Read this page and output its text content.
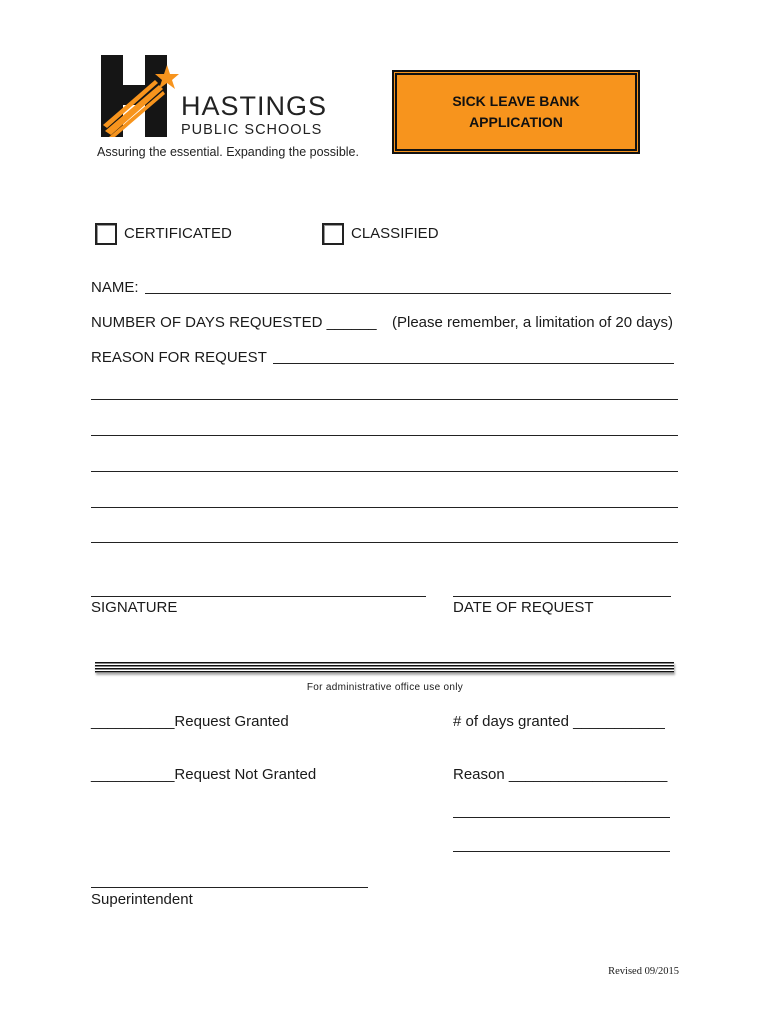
HASTINGS
PUBLIC SCHOOLS
Assuring the essential. Expanding the possible.
SICK LEAVE BANK
APPLICATION
CERTIFICATED	CLASSIFIED
NAME:
NUMBER OF DAYS REQUESTED ______ (Please remember, a limitation of 20 days)
REASON FOR REQUEST
SIGNATURE	DATE OF REQUEST
For administrative office use only
__________Request Granted	# of days granted ___________
__________Request Not Granted	Reason ___________________
Superintendent
Revised 09/2015
